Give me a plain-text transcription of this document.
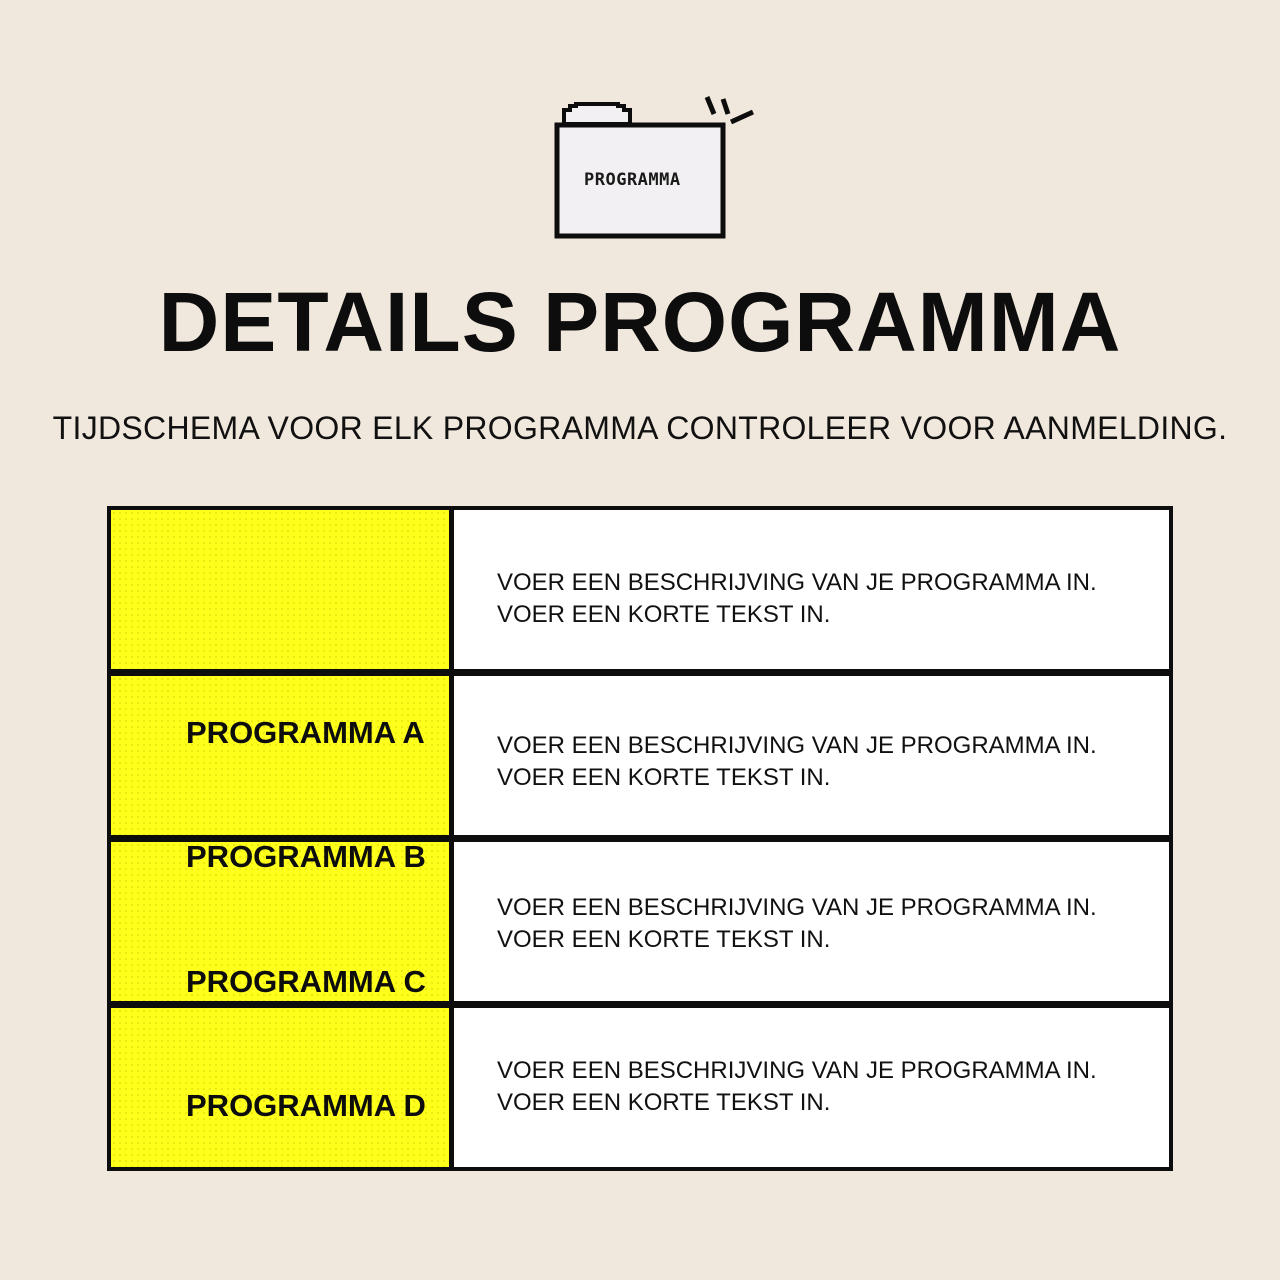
PROGRAMMA
DETAILS PROGRAMMA

TIJDSCHEMA VOOR ELK PROGRAMMA CONTROLEER VOOR AANMELDING.

VOER EEN BESCHRIJVING VAN JE PROGRAMMA IN.
VOER EEN KORTE TEKST IN.
VOER EEN BESCHRIJVING VAN JE PROGRAMMA IN.
VOER EEN KORTE TEKST IN.
VOER EEN BESCHRIJVING VAN JE PROGRAMMA IN.
VOER EEN KORTE TEKST IN.
VOER EEN BESCHRIJVING VAN JE PROGRAMMA IN.
VOER EEN KORTE TEKST IN.
PROGRAMMA A
PROGRAMMA B
PROGRAMMA C
PROGRAMMA D
